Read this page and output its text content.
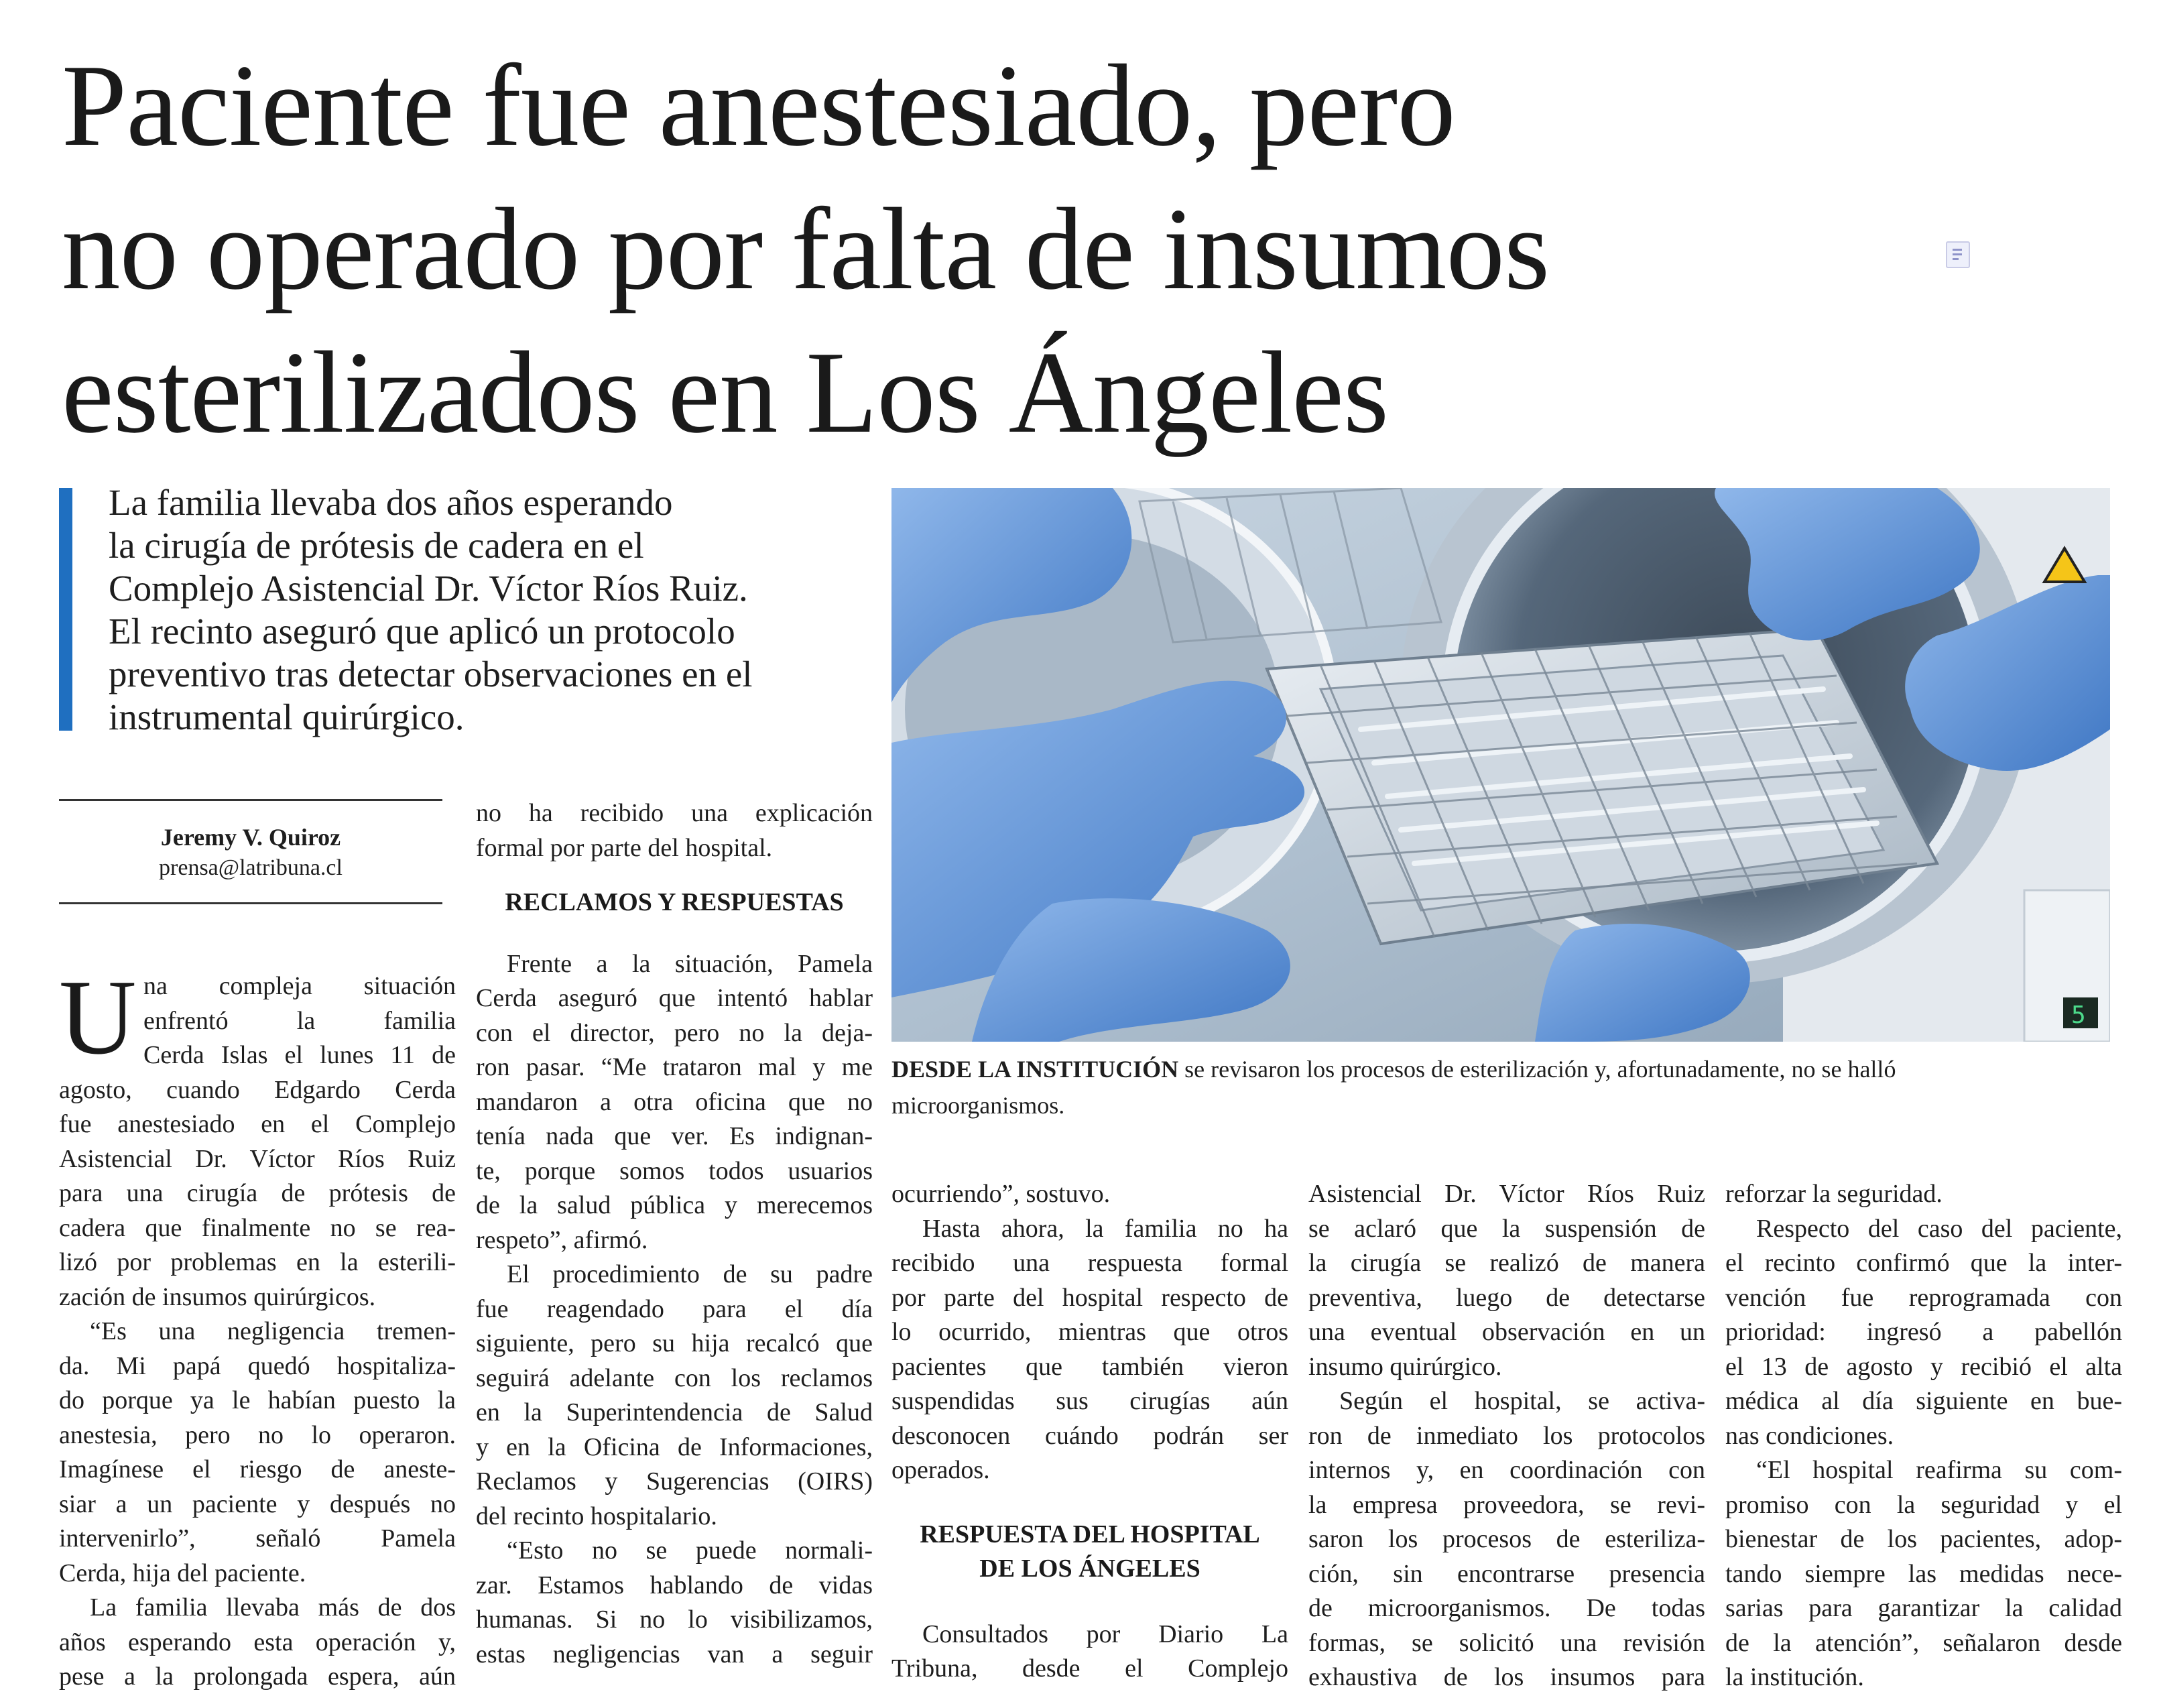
Paciente fue anestesiado, pero
no operado por falta de insumos
esterilizados en Los Ángeles
La familia llevaba dos años esperando
la cirugía de prótesis de cadera en el
Complejo Asistencial Dr. Víctor Ríos Ruiz.
El recinto aseguró que aplicó un protocolo
preventivo tras detectar observaciones en el
instrumental quirúrgico.
Jeremy V. Quiroz
prensa@latribuna.cl
U na compleja situación
enfrentó la familia
Cerda Islas el lunes 11 de
agosto, cuando Edgardo Cerda
fue anestesiado en el Complejo
Asistencial Dr. Víctor Ríos Ruiz
para una cirugía de prótesis de
cadera que finalmente no se rea-
lizó por problemas en la esterili-
zación de insumos quirúrgicos.
“Es una negligencia tremen-
da. Mi papá quedó hospitaliza-
do porque ya le habían puesto la
anestesia, pero no lo operaron.
Imagínese el riesgo de aneste-
siar a un paciente y después no
intervenirlo”, señaló Pamela
Cerda, hija del paciente.
La familia llevaba más de dos
años esperando esta operación y,
pese a la prolongada espera, aún
no ha recibido una explicación
formal por parte del hospital.
RECLAMOS Y RESPUESTAS
Frente a la situación, Pamela
Cerda aseguró que intentó hablar
con el director, pero no la deja-
ron pasar. “Me trataron mal y me
mandaron a otra oficina que no
tenía nada que ver. Es indignan-
te, porque somos todos usuarios
de la salud pública y merecemos
respeto”, afirmó.
El procedimiento de su padre
fue reagendado para el día
siguiente, pero su hija recalcó que
seguirá adelante con los reclamos
en la Superintendencia de Salud
y en la Oficina de Informaciones,
Reclamos y Sugerencias (OIRS)
del recinto hospitalario.
“Esto no se puede normali-
zar. Estamos hablando de vidas
humanas. Si no lo visibilizamos,
estas negligencias van a seguir
5
DESDE LA INSTITUCIÓN se revisaron los procesos de esterilización y, afortunadamente, no se halló
microorganismos.
ocurriendo”, sostuvo.
Hasta ahora, la familia no ha
recibido una respuesta formal
por parte del hospital respecto de
lo ocurrido, mientras que otros
pacientes que también vieron
suspendidas sus cirugías aún
desconocen cuándo podrán ser
operados.
RESPUESTA DEL HOSPITAL
DE LOS ÁNGELES
Consultados por Diario La
Tribuna, desde el Complejo
Asistencial Dr. Víctor Ríos Ruiz
se aclaró que la suspensión de
la cirugía se realizó de manera
preventiva, luego de detectarse
una eventual observación en un
insumo quirúrgico.
Según el hospital, se activa-
ron de inmediato los protocolos
internos y, en coordinación con
la empresa proveedora, se revi-
saron los procesos de esteriliza-
ción, sin encontrarse presencia
de microorganismos. De todas
formas, se solicitó una revisión
exhaustiva de los insumos para
reforzar la seguridad.
Respecto del caso del paciente,
el recinto confirmó que la inter-
vención fue reprogramada con
prioridad: ingresó a pabellón
el 13 de agosto y recibió el alta
médica al día siguiente en bue-
nas condiciones.
“El hospital reafirma su com-
promiso con la seguridad y el
bienestar de los pacientes, adop-
tando siempre las medidas nece-
sarias para garantizar la calidad
de la atención”, señalaron desde
la institución.
